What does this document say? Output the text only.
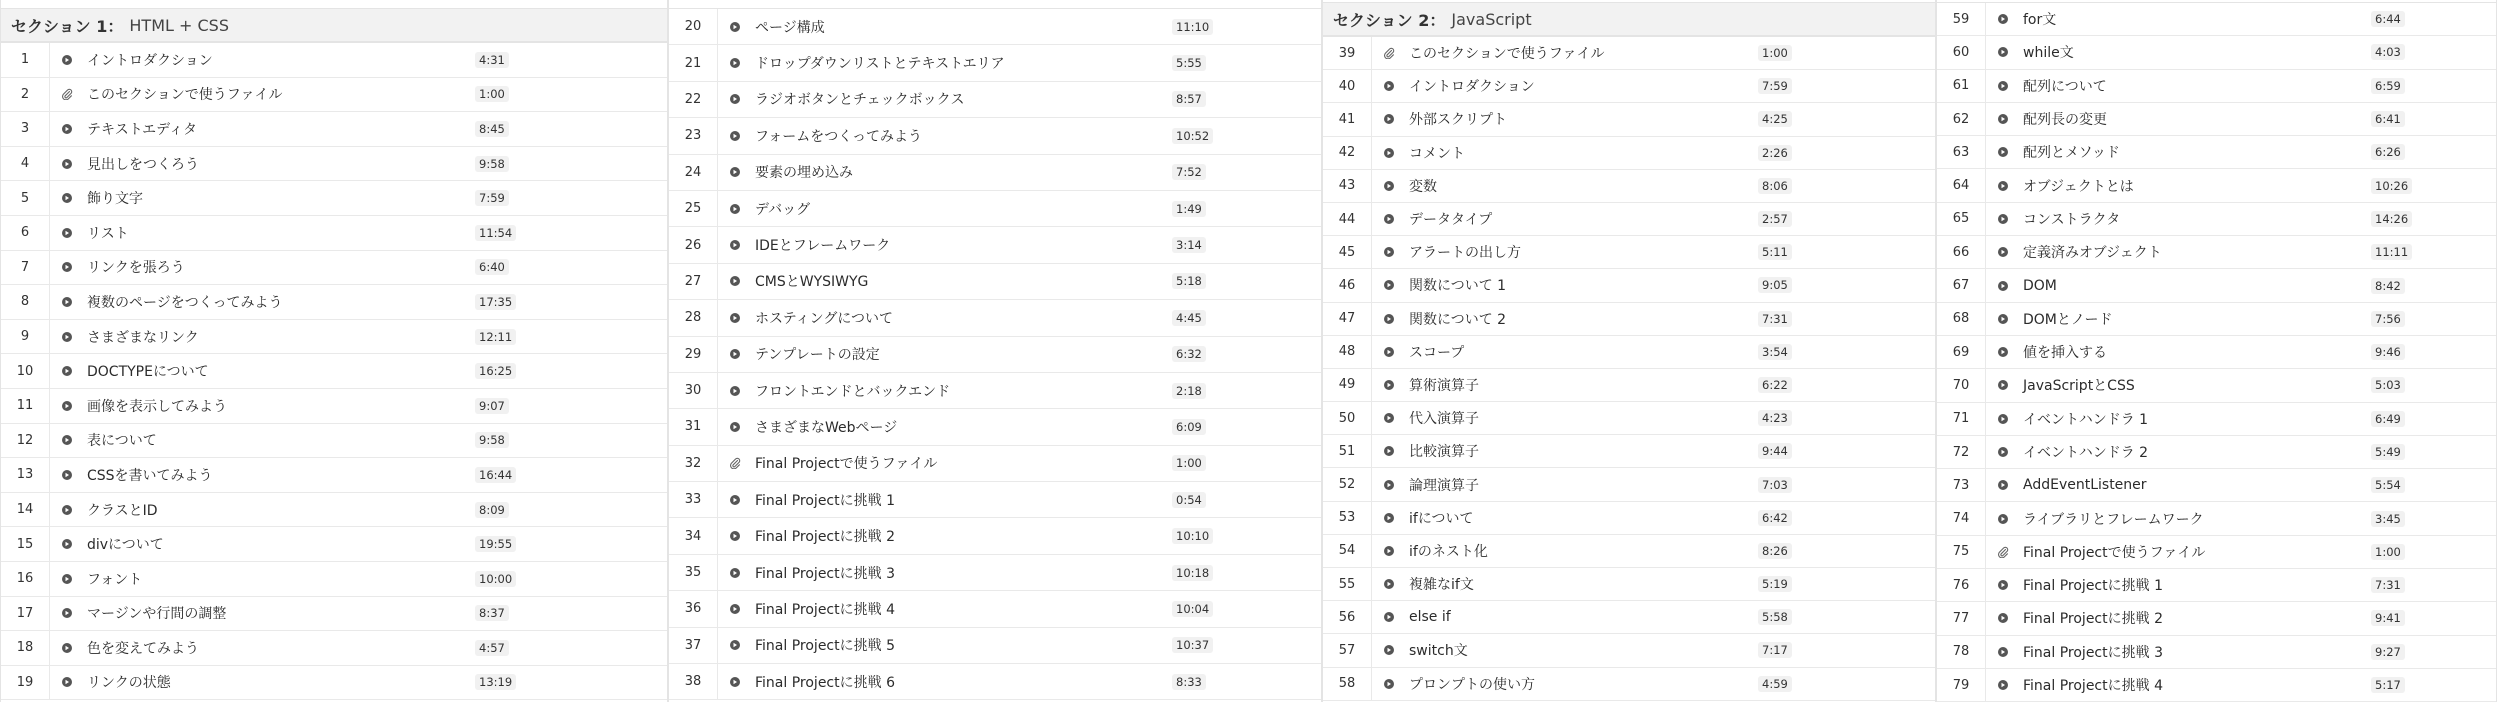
セクション 1： HTML + CSS
1	イントロダクション	4:31
2	このセクションで使うファイル	1:00
3	テキストエディタ	8:45
4	見出しをつくろう	9:58
5	飾り文字	7:59
6	リスト	11:54
7	リンクを張ろう	6:40
8	複数のページをつくってみよう	17:35
9	さまざまなリンク	12:11
10	DOCTYPEについて	16:25
11	画像を表示してみよう	9:07
12	表について	9:58
13	CSSを書いてみよう	16:44
14	クラスとID	8:09
15	divについて	19:55
16	フォント	10:00
17	マージンや行間の調整	8:37
18	色を変えてみよう	4:57
19	リンクの状態	13:19
20	ページ構成	11:10
21	ドロップダウンリストとテキストエリア	5:55
22	ラジオボタンとチェックボックス	8:57
23	フォームをつくってみよう	10:52
24	要素の埋め込み	7:52
25	デバッグ	1:49
26	IDEとフレームワーク	3:14
27	CMSとWYSIWYG	5:18
28	ホスティングについて	4:45
29	テンプレートの設定	6:32
30	フロントエンドとバックエンド	2:18
31	さまざまなWebページ	6:09
32	Final Projectで使うファイル	1:00
33	Final Projectに挑戦 1	0:54
34	Final Projectに挑戦 2	10:10
35	Final Projectに挑戦 3	10:18
36	Final Projectに挑戦 4	10:04
37	Final Projectに挑戦 5	10:37
38	Final Projectに挑戦 6	8:33
セクション 2： JavaScript
39	このセクションで使うファイル	1:00
40	イントロダクション	7:59
41	外部スクリプト	4:25
42	コメント	2:26
43	変数	8:06
44	データタイプ	2:57
45	アラートの出し方	5:11
46	関数について 1	9:05
47	関数について 2	7:31
48	スコープ	3:54
49	算術演算子	6:22
50	代入演算子	4:23
51	比較演算子	9:44
52	論理演算子	7:03
53	ifについて	6:42
54	ifのネスト化	8:26
55	複雑なif文	5:19
56	else if	5:58
57	switch文	7:17
58	プロンプトの使い方	4:59
59	for文	6:44
60	while文	4:03
61	配列について	6:59
62	配列長の変更	6:41
63	配列とメソッド	6:26
64	オブジェクトとは	10:26
65	コンストラクタ	14:26
66	定義済みオブジェクト	11:11
67	DOM	8:42
68	DOMとノード	7:56
69	値を挿入する	9:46
70	JavaScriptとCSS	5:03
71	イベントハンドラ 1	6:49
72	イベントハンドラ 2	5:49
73	AddEventListener	5:54
74	ライブラリとフレームワーク	3:45
75	Final Projectで使うファイル	1:00
76	Final Projectに挑戦 1	7:31
77	Final Projectに挑戦 2	9:41
78	Final Projectに挑戦 3	9:27
79	Final Projectに挑戦 4	5:17
